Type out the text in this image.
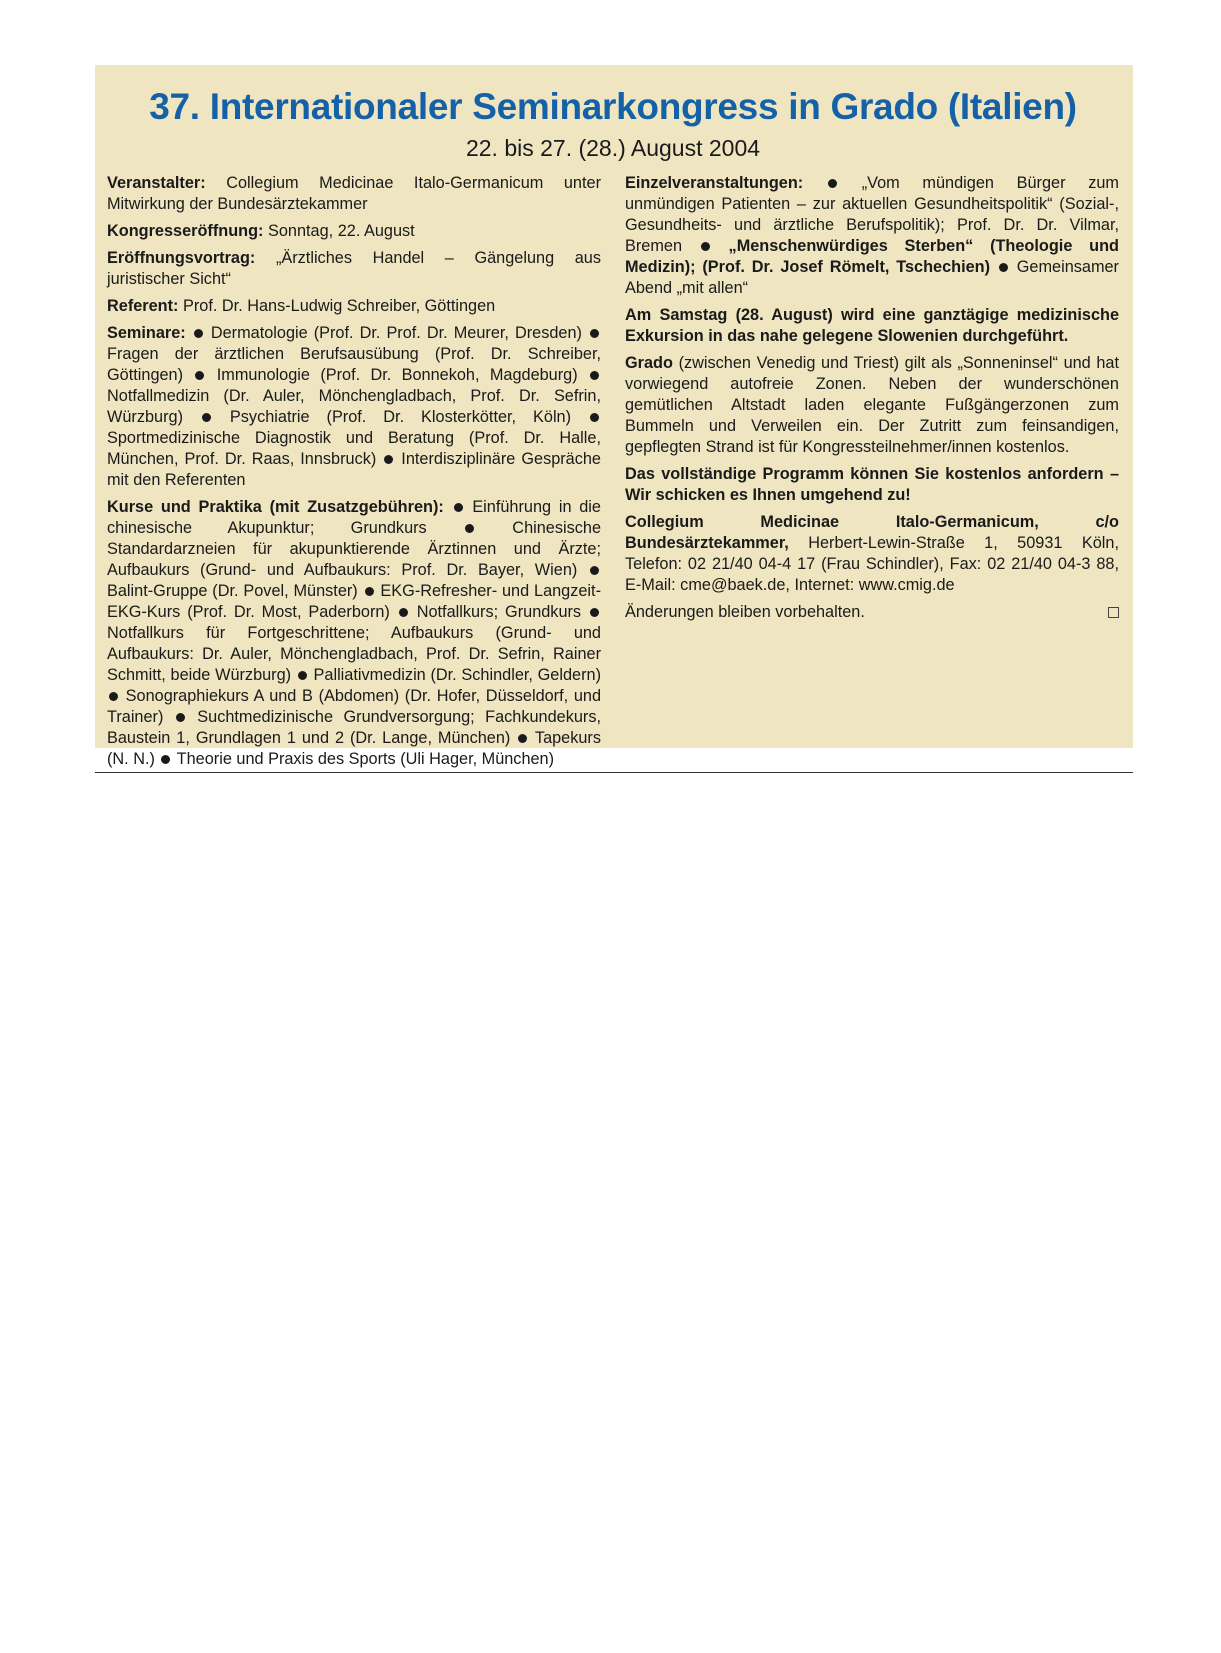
37. Internationaler Seminarkongress in Grado (Italien)
22. bis 27. (28.) August 2004

Veranstalter: Collegium Medicinae Italo-Germanicum unter Mitwirkung der Bundesärztekammer

Kongresseröffnung: Sonntag, 22. August

Eröffnungsvortrag: „Ärztliches Handel – Gängelung aus juristischer Sicht“

Referent: Prof. Dr. Hans-Ludwig Schreiber, Göttingen

Seminare:  Dermatologie (Prof. Dr. Prof. Dr. Meurer, Dresden)  Fragen der ärztlichen Berufsausübung (Prof. Dr. Schreiber, Göttingen)  Immunologie (Prof. Dr. Bonnekoh, Magdeburg)  Notfallmedizin (Dr. Auler, Mönchengladbach, Prof. Dr. Sefrin, Würzburg)  Psychiatrie (Prof. Dr. Klosterkötter, Köln)  Sportmedizinische Diagnostik und Beratung (Prof. Dr. Halle, München, Prof. Dr. Raas, Innsbruck)  Interdisziplinäre Gespräche mit den Referenten

Kurse und Praktika (mit Zusatzgebühren):  Einführung in die chinesische Akupunktur; Grundkurs  Chinesische Standardarzneien für akupunktierende Ärztinnen und Ärzte; Aufbaukurs (Grund- und Aufbaukurs: Prof. Dr. Bayer, Wien)  Balint-Gruppe (Dr. Povel, Münster)  EKG-Refresher- und Langzeit-EKG-Kurs (Prof. Dr. Most, Paderborn)  Notfallkurs; Grundkurs  Notfallkurs für Fortgeschrittene; Aufbaukurs (Grund- und Aufbaukurs: Dr. Auler, Mönchengladbach, Prof. Dr. Sefrin, Rainer Schmitt, beide Würzburg)  Palliativmedizin (Dr. Schindler, Geldern)  Sonographiekurs A und B (Abdomen) (Dr. Hofer, Düsseldorf, und Trainer)  Suchtmedizinische Grundversorgung; Fachkundekurs, Baustein 1, Grundlagen 1 und 2 (Dr. Lange, München)  Tapekurs (N. N.)  Theorie und Praxis des Sports (Uli Hager, München)

Einzelveranstaltungen:  „Vom mündigen Bürger zum unmündigen Patienten – zur aktuellen Gesundheitspolitik“ (Sozial-, Gesundheits- und ärztliche Berufspolitik); Prof. Dr. Dr. Vilmar, Bremen  „Menschenwürdiges Sterben“ (Theologie und Medizin); (Prof. Dr. Josef Römelt, Tschechien)  Gemeinsamer Abend „mit allen“

Am Samstag (28. August) wird eine ganztägige medizinische Exkursion in das nahe gelegene Slowenien durchgeführt.

Grado (zwischen Venedig und Triest) gilt als „Sonneninsel“ und hat vorwiegend autofreie Zonen. Neben der wunderschönen gemütlichen Altstadt laden elegante Fußgängerzonen zum Bummeln und Verweilen ein. Der Zutritt zum feinsandigen, gepflegten Strand ist für Kongressteilnehmer/innen kostenlos.

Das vollständige Programm können Sie kostenlos anfordern – Wir schicken es Ihnen umgehend zu!

Collegium Medicinae Italo-Germanicum, c/o Bundesärztekammer, Herbert-Lewin-Straße 1, 50931 Köln, Telefon: 02 21/40 04-4 17 (Frau Schindler), Fax: 02 21/40 04-3 88, E-Mail: cme@baek.de, Internet: www.cmig.de

Änderungen bleiben vorbehalten.
